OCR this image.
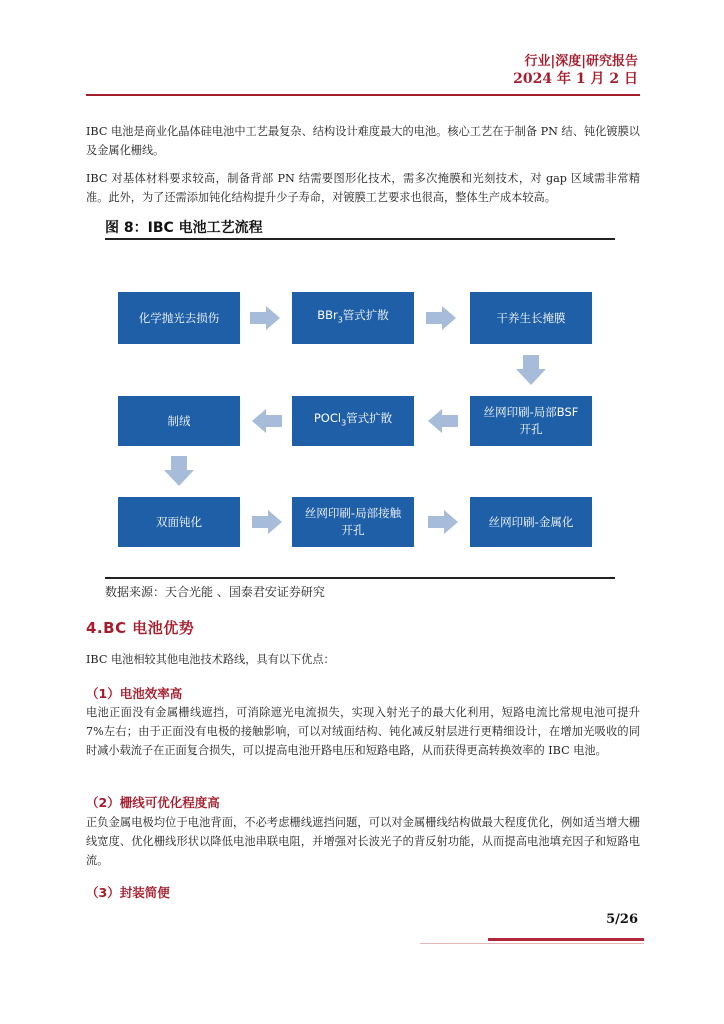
行业|深度|研究报告
2024 年 1 月 2 日
IBC 电池是商业化晶体硅电池中工艺最复杂、结构设计难度最大的电池。核心工艺在于制备 PN 结、钝化镀膜以及金属化栅线。
IBC 对基体材料要求较高，制备背部 PN 结需要图形化技术，需多次掩膜和光刻技术，对 gap 区域需非常精准。此外，为了还需添加钝化结构提升少子寿命，对镀膜工艺要求也很高，整体生产成本较高。
图 8：IBC 电池工艺流程
化学抛光去损伤	BBr$_3$管式扩散	干养生长掩膜
丝网印刷-局部BSF开孔
POCl$_3$管式扩散
制绒
双面钝化
丝网印刷-局部接触开孔
丝网印刷-金属化
数据来源：天合光能 、国泰君安证券研究
4.BC 电池优势
IBC 电池相较其他电池技术路线，具有以下优点：
（1）电池效率高
电池正面没有金属栅线遮挡，可消除遮光电流损失，实现入射光子的最大化利用，短路电流比常规电池可提升 7%左右；由于正面没有电极的接触影响，可以对绒面结构、钝化减反射层进行更精细设计，在增加光吸收的同时减小载流子在正面复合损失，可以提高电池开路电压和短路电路，从而获得更高转换效率的 IBC 电池。
（2）栅线可优化程度高
正负金属电极均位于电池背面，不必考虑栅线遮挡问题，可以对金属栅线结构做最大程度优化，例如适当增大栅线宽度、优化栅线形状以降低电池串联电阻，并增强对长波光子的背反射功能，从而提高电池填充因子和短路电流。
（3）封装简便
5/26
